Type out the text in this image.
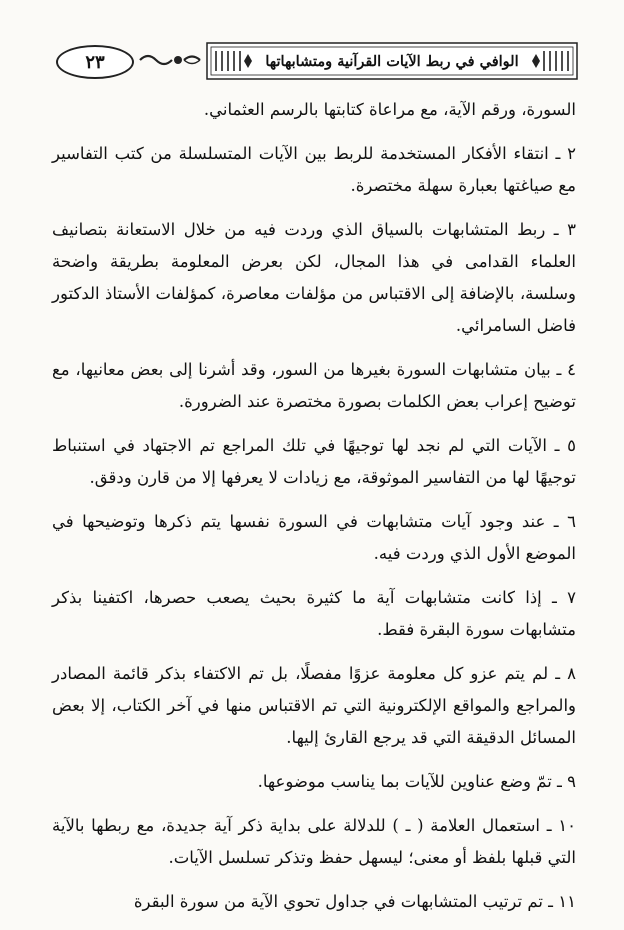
٢٣	الوافي في ربط الآيات القرآنية ومتشابهاتها

السورة، ورقم الآية، مع مراعاة كتابتها بالرسم العثماني.

٢ ـ انتقاء الأفكار المستخدمة للربط بين الآيات المتسلسلة من كتب التفاسير مع صياغتها بعبارة سهلة مختصرة.

٣ ـ ربط المتشابهات بالسياق الذي وردت فيه من خلال الاستعانة بتصانيف العلماء القدامى في هذا المجال، لكن بعرض المعلومة بطريقة واضحة وسلسة، بالإضافة إلى الاقتباس من مؤلفات معاصرة، كمؤلفات الأستاذ الدكتور فاضل السامرائي.

٤ ـ بيان متشابهات السورة بغيرها من السور، وقد أشرنا إلى بعض معانيها، مع توضيح إعراب بعض الكلمات بصورة مختصرة عند الضرورة.

٥ ـ الآيات التي لم نجد لها توجيهًا في تلك المراجع تم الاجتهاد في استنباط توجيهًا لها من التفاسير الموثوقة، مع زيادات لا يعرفها إلا من قارن ودقق.

٦ ـ عند وجود آيات متشابهات في السورة نفسها يتم ذكرها وتوضيحها في الموضع الأول الذي وردت فيه.

٧ ـ إذا كانت متشابهات آية ما كثيرة بحيث يصعب حصرها، اكتفينا بذكر متشابهات سورة البقرة فقط.

٨ ـ لم يتم عزو كل معلومة عزوًا مفصلًا، بل تم الاكتفاء بذكر قائمة المصادر والمراجع والمواقع الإلكترونية التي تم الاقتباس منها في آخر الكتاب، إلا بعض المسائل الدقيقة التي قد يرجع القارئ إليها.

٩ ـ تمّ وضع عناوين للآيات بما يناسب موضوعها.

١٠ ـ استعمال العلامة ( ـ ) للدلالة على بداية ذكر آية جديدة، مع ربطها بالآية التي قبلها بلفظ أو معنى؛ ليسهل حفظ وتذكر تسلسل الآيات.

١١ ـ تم ترتيب المتشابهات في جداول تحوي الآية من سورة البقرة
